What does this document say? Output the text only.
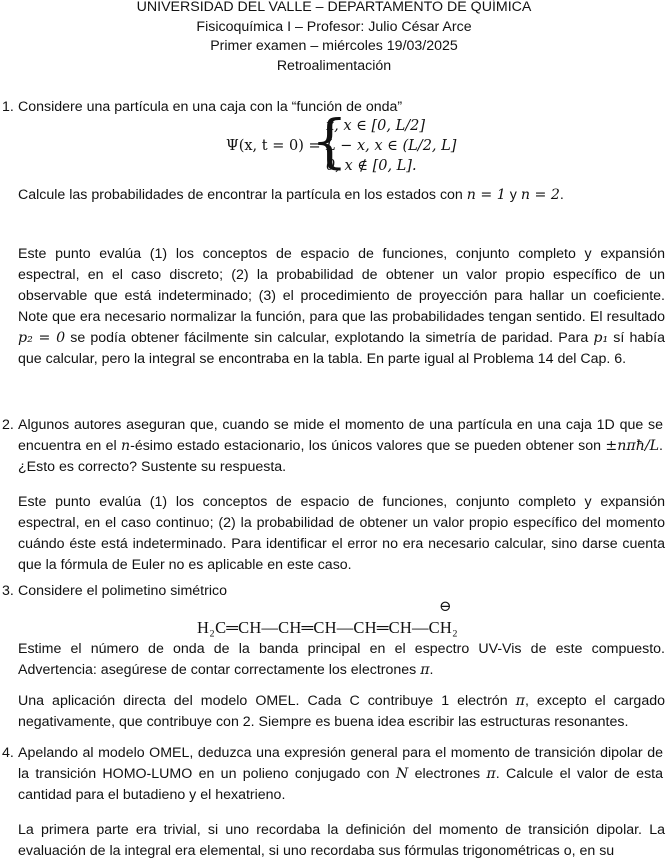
UNIVERSIDAD DEL VALLE – DEPARTAMENTO DE QUÍMICA
Fisicoquímica I – Profesor: Julio César Arce
Primer examen – miércoles 19/03/2025
Retroalimentación
1. Considere una partícula en una caja con la “función de onda”
Ψ(x, t = 0) =
{
x, x ∈ [0, L/2]
L − x, x ∈ (L/2, L]
0, x ∉ [0, L].
Calcule las probabilidades de encontrar la partícula en los estados con n = 1 y n = 2.
Este punto evalúa (1) los conceptos de espacio de funciones, conjunto completo y expansión espectral, en el caso discreto; (2) la probabilidad de obtener un valor propio específico de un observable que está indeterminado; (3) el procedimiento de proyección para hallar un coeficiente. Note que era necesario normalizar la función, para que las probabilidades tengan sentido. El resultado p₂ = 0 se podía obtener fácilmente sin calcular, explotando la simetría de paridad. Para p₁ sí había que calcular, pero la integral se encontraba en la tabla. En parte igual al Problema 14 del Cap. 6.
2. Algunos autores aseguran que, cuando se mide el momento de una partícula en una caja 1D que se encuentra en el n-ésimo estado estacionario, los únicos valores que se pueden obtener son ±nπħ/L. ¿Esto es correcto? Sustente su respuesta.
Este punto evalúa (1) los conceptos de espacio de funciones, conjunto completo y expansión espectral, en el caso continuo; (2) la probabilidad de obtener un valor propio específico del momento cuándo éste está indeterminado. Para identificar el error no era necesario calcular, sino darse cuenta que la fórmula de Euler no es aplicable en este caso.
3. Considere el polimetino simétrico
⊖
H₂C═CH—CH═CH—CH═CH—CH₂
Estime el número de onda de la banda principal en el espectro UV-Vis de este compuesto. Advertencia: asegúrese de contar correctamente los electrones π.
Una aplicación directa del modelo OMEL. Cada C contribuye 1 electrón π, excepto el cargado negativamente, que contribuye con 2. Siempre es buena idea escribir las estructuras resonantes.
4. Apelando al modelo OMEL, deduzca una expresión general para el momento de transición dipolar de la transición HOMO-LUMO en un polieno conjugado con N electrones π. Calcule el valor de esta cantidad para el butadieno y el hexatrieno.
La primera parte era trivial, si uno recordaba la definición del momento de transición dipolar. La evaluación de la integral era elemental, si uno recordaba sus fórmulas trigonométricas o, en su
